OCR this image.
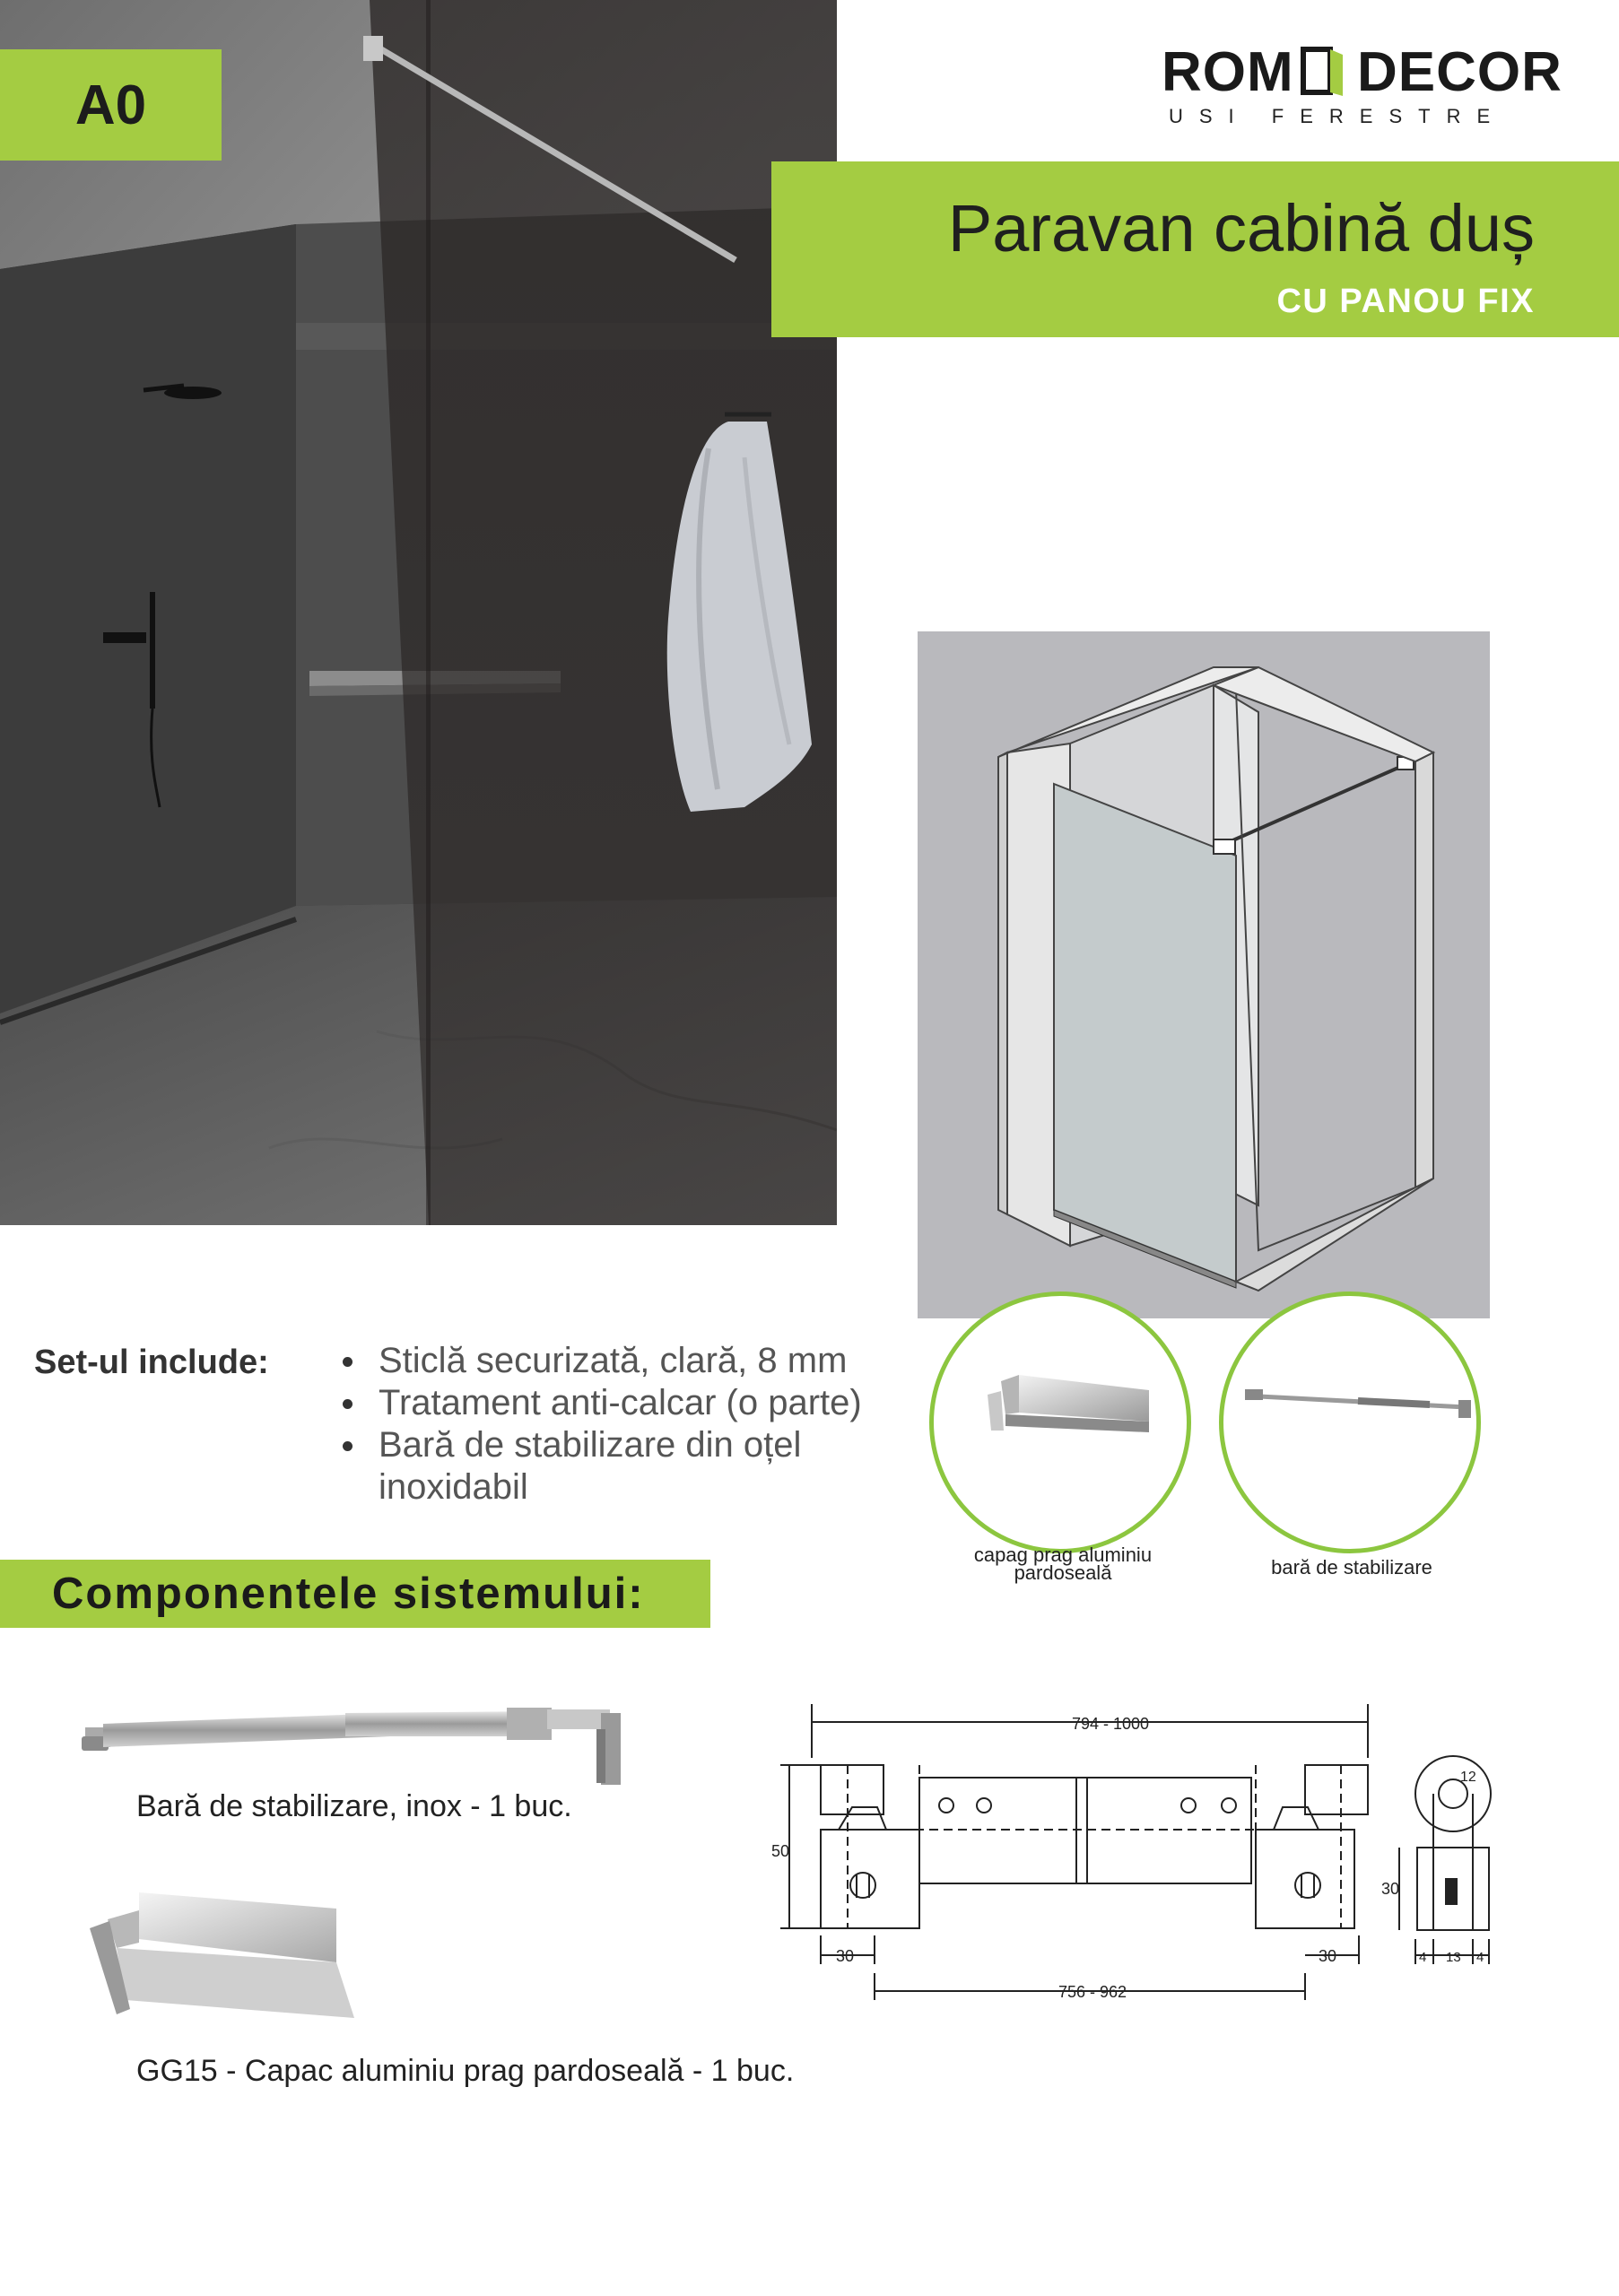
A0
ROM DECOR
USI FERESTRE
Paravan cabină duș
CU PANOU FIX
capag prag aluminiu pardoseală	bară de stabilizare
Set-ul include:	Sticlă securizată, clară, 8 mm
Tratament anti-calcar (o parte)
Bară de stabilizare din oțel inoxidabil
Componentele sistemului:
Bară de stabilizare, inox - 1 buc.
GG15 - Capac aluminiu prag pardoseală - 1 buc.
794 - 1000
50
30	30
756 - 962
12
30
4 13 4
